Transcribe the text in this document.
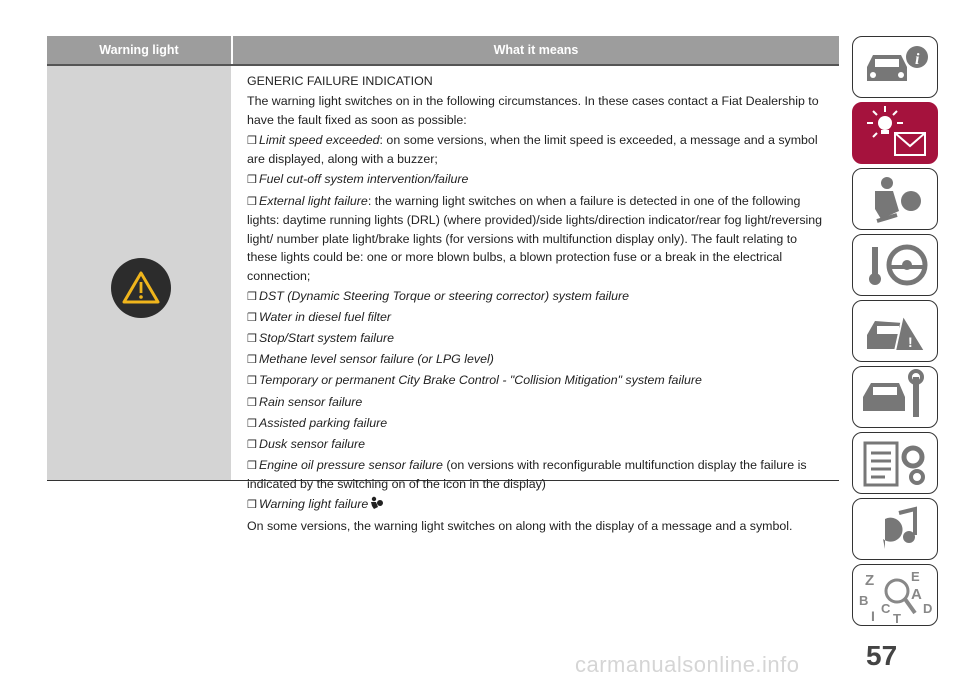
Warning light	What it means
GENERIC FAILURE INDICATION
The warning light switches on in the following circumstances. In these cases contact a Fiat Dealership to have the fault fixed as soon as possible:
❒ Limit speed exceeded: on some versions, when the limit speed is exceeded, a message and a symbol are displayed, along with a buzzer;
❒ Fuel cut-off system intervention/failure
❒ External light failure: the warning light switches on when a failure is detected in one of the following lights: daytime running lights (DRL) (where provided)/side lights/direction indicator/rear fog light/reversing light/ number plate light/brake lights (for versions with multifunction display only). The fault relating to these lights could be: one or more blown bulbs, a blown protection fuse or a break in the electrical connection;
❒ DST (Dynamic Steering Torque or steering corrector) system failure
❒ Water in diesel fuel filter
❒ Stop/Start system failure
❒ Methane level sensor failure (or LPG level)
❒ Temporary or permanent City Brake Control - "Collision Mitigation" system failure
❒ Rain sensor failure
❒ Assisted parking failure
❒ Dusk sensor failure
❒ Engine oil pressure sensor failure (on versions with reconfigurable multifunction display the failure is indicated by the switching on of the icon in the display)
❒ Warning light failure
On some versions, the warning light switches on along with the display of a message and a symbol.
i
!
Z	E
A
B
C	D
I T
57
carmanualsonline.info
